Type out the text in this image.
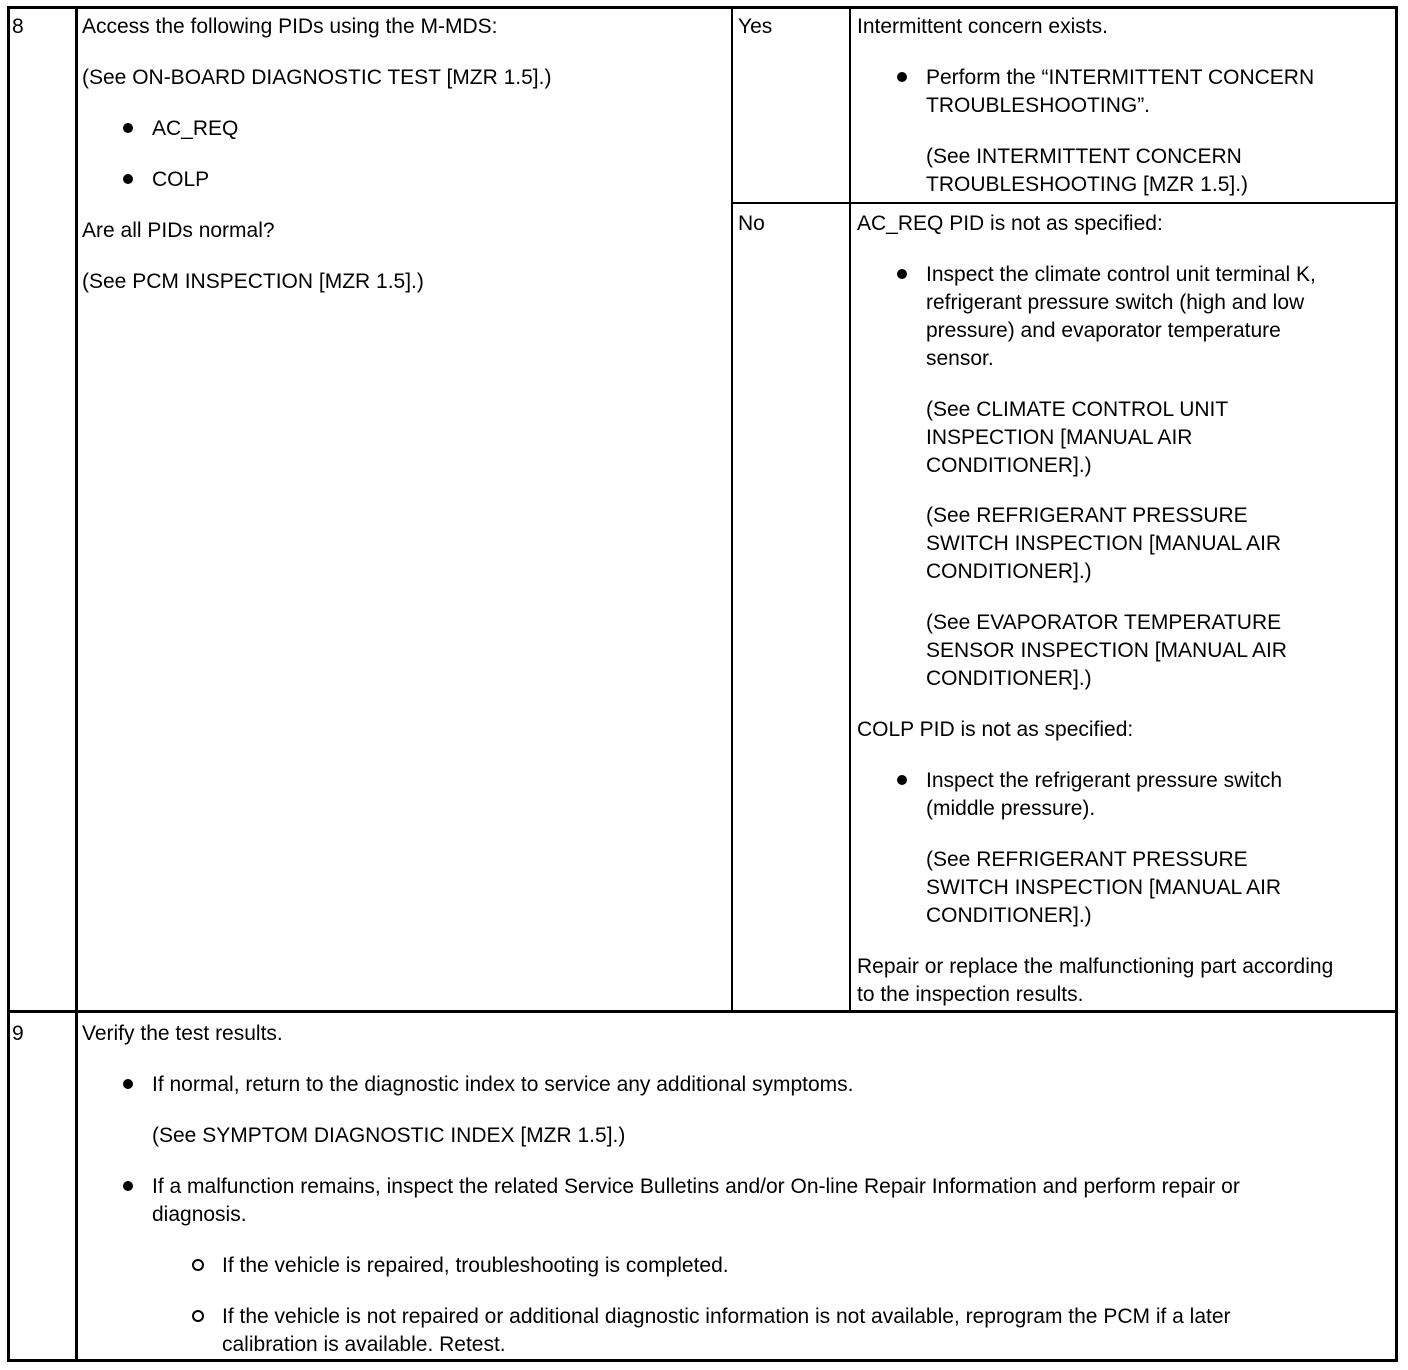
8	Access the following PIDs using the M-MDS:
(See ON-BOARD DIAGNOSTIC TEST [MZR 1.5].)
AC_REQ
COLP
Are all PIDs normal?
(See PCM INSPECTION [MZR 1.5].)
Yes	Intermittent concern exists.
Perform the “INTERMITTENT CONCERN
TROUBLESHOOTING”.
(See INTERMITTENT CONCERN
TROUBLESHOOTING [MZR 1.5].)
No	AC_REQ PID is not as specified:
Inspect the climate control unit terminal K,
refrigerant pressure switch (high and low
pressure) and evaporator temperature
sensor.
(See CLIMATE CONTROL UNIT
INSPECTION [MANUAL AIR
CONDITIONER].)
(See REFRIGERANT PRESSURE
SWITCH INSPECTION [MANUAL AIR
CONDITIONER].)
(See EVAPORATOR TEMPERATURE
SENSOR INSPECTION [MANUAL AIR
CONDITIONER].)
COLP PID is not as specified:
Inspect the refrigerant pressure switch
(middle pressure).
(See REFRIGERANT PRESSURE
SWITCH INSPECTION [MANUAL AIR
CONDITIONER].)
Repair or replace the malfunctioning part according
to the inspection results.
9	Verify the test results.
If normal, return to the diagnostic index to service any additional symptoms.
(See SYMPTOM DIAGNOSTIC INDEX [MZR 1.5].)
If a malfunction remains, inspect the related Service Bulletins and/or On-line Repair Information and perform repair or
diagnosis.
If the vehicle is repaired, troubleshooting is completed.
If the vehicle is not repaired or additional diagnostic information is not available, reprogram the PCM if a later
calibration is available. Retest.
